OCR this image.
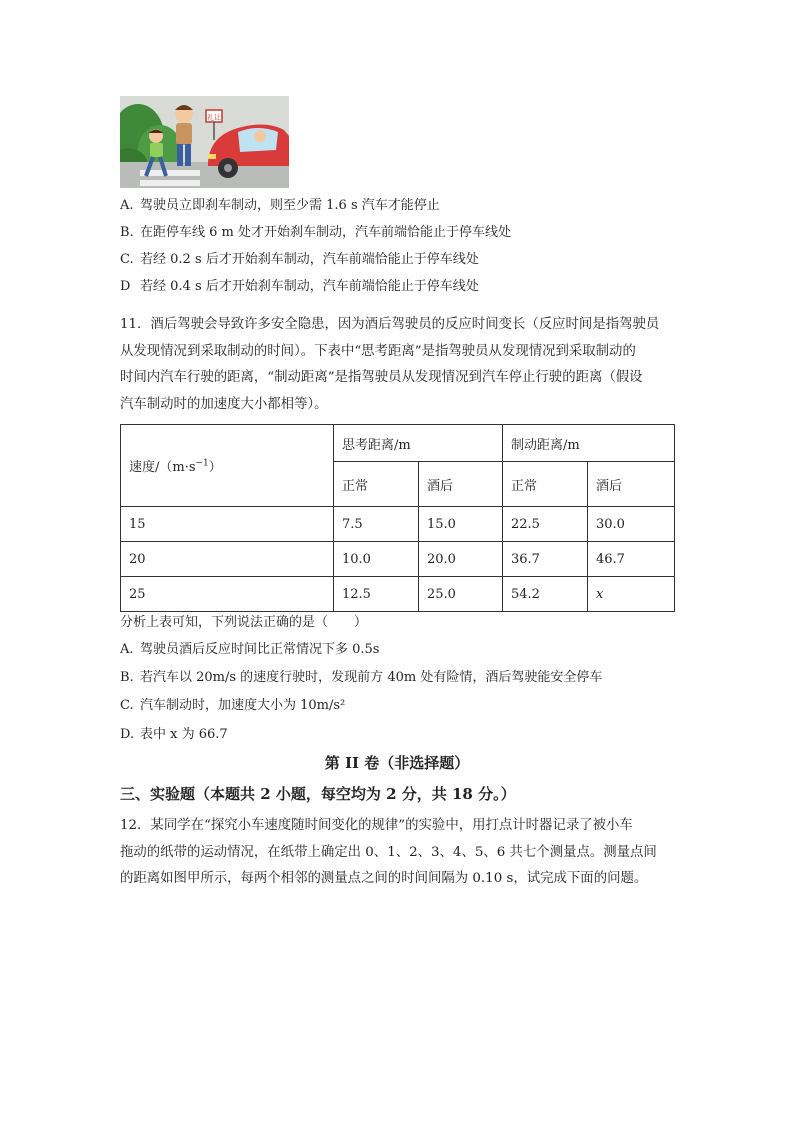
礼让
A. 驾驶员立即刹车制动，则至少需 1.6 s 汽车才能停止
B. 在距停车线 6 m 处才开始刹车制动，汽车前端恰能止于停车线处
C. 若经 0.2 s 后才开始刹车制动，汽车前端恰能止于停车线处
D 若经 0.4 s 后才开始刹车制动，汽车前端恰能止于停车线处

11．酒后驾驶会导致许多安全隐患，因为酒后驾驶员的反应时间变长（反应时间是指驾驶员

从发现情况到采取制动的时间）。下表中“思考距离”是指驾驶员从发现情况到采取制动的

时间内汽车行驶的距离，“制动距离”是指驾驶员从发现情况到汽车停止行驶的距离（假设

汽车制动时的加速度大小都相等）。

速度$/(m\cdot s^{-1})$	思考距离/m		制动距离/m	
	正常	酒后	正常	酒后
15	7.5	15.0	22.5	30.0
20	10.0	20.0	36.7	46.7
25	12.5	25.0	54.2	x
分析上表可知，下列说法正确的是（　　）
A. 驾驶员酒后反应时间比正常情况下多 0.5s
B. 若汽车以 20m/s 的速度行驶时，发现前方 40m 处有险情，酒后驾驶能安全停车
C. 汽车制动时，加速度大小为 10m/s²
D. 表中 x 为 66.7
第 II 卷（非选择题）
三、实验题（本题共 2 小题，每空均为 2 分，共 18 分。）

12．某同学在“探究小车速度随时间变化的规律”的实验中，用打点计时器记录了被小车

拖动的纸带的运动情况，在纸带上确定出 0、1、2、3、4、5、6 共七个测量点。测量点间

的距离如图甲所示，每两个相邻的测量点之间的时间间隔为 0.10 s，试完成下面的问题。
